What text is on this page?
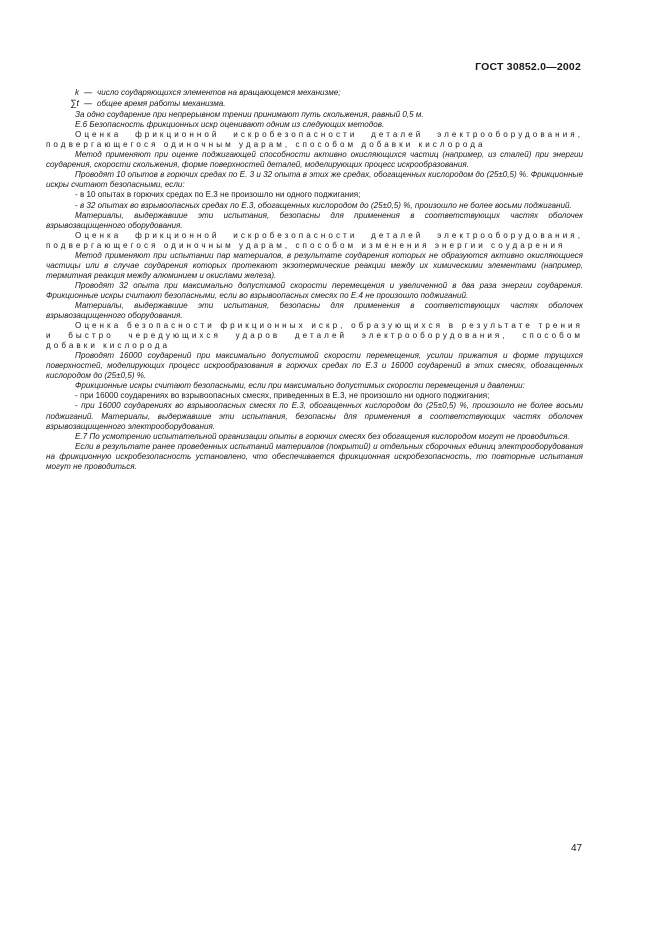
ГОСТ 30852.0—2002
k — число соударяющихся элементов на вращающемся механизме;
∑t — общее время работы механизма.

За одно соударение при непрерывном трении принимают путь скольжения, равный 0,5 м.

Е.6 Безопасность фрикционных искр оценивают одним из следующих методов.

Оценка фрикционной искробезопасности деталей электрооборудования, подвергающегося одиночным ударам, способом добавки кислорода

Метод применяют при оценке поджигающей способности активно окисляющихся частиц (например, из сталей) при энергии соударения, скорости скольжения, форме поверхностей деталей, моделирующих процесс искрообразования.

Проводят 10 опытов в горючих средах по Е. 3 и 32 опыта в этих же средах, обогащенных кислородом до (25±0,5) %. Фрикционные искры считают безопасными, если:

- в 10 опытах в горючих средах по Е.3 не произошло ни одного поджигания;

- в 32 опытах во взрывоопасных средах по Е.3, обогащенных кислородом до (25±0,5) %, произошло не более восьми поджиганий.

Материалы, выдержавшие эти испытания, безопасны для применения в соответствующих частях оболочек взрывозащищенного оборудования.

Оценка фрикционной искробезопасности деталей электрооборудования, подвергающегося одиночным ударам, способом изменения энергии соударения

Метод применяют при испытании пар материалов, в результате соударения которых не образуются активно окисляющиеся частицы или в случае соударения которых протекают экзотермические реакции между их химическими элементами (например, термитная реакция между алюминием и окислами железа).

Проводят 32 опыта при максимально допустимой скорости перемещения и увеличенной в два раза энергии соударения. Фрикционные искры считают безопасными, если во взрывоопасных смесях по Е.4 не произошло поджиганий.

Материалы, выдержавшие эти испытания, безопасны для применения в соответствующих частях оболочек взрывозащищенного оборудования.

Оценка безопасности фрикционных искр, образующихся в результате трения и быстро чередующихся ударов деталей электрооборудования, способом добавки кислорода

Проводят 16000 соударений при максимально допустимой скорости перемещения, усилии прижатия и форме трущихся поверхностей, моделирующих процесс искрообразования в горючих средах по Е.3 и 16000 соударений в этих смесях, обогащенных кислородом до (25±0,5) %.

Фрикционные искры считают безопасными, если при максимально допустимых скорости перемещения и давлении:

- при 16000 соударениях во взрывоопасных смесях, приведенных в Е.3, не произошло ни одного поджигания;

- при 16000 соударениях во взрывоопасных смесях по Е.3, обогащенных кислородом до (25±0,5) %, произошло не более восьми поджиганий. Материалы, выдержавшие эти испытания, безопасны для применения в соответствующих частях оболочек взрывозащищенного электрооборудования.

Е.7 По усмотрению испытательной организации опыты в горючих смесях без обогащения кислородом могут не проводиться.

Если в результате ранее проведенных испытаний материалов (покрытий) и отдельных сборочных единиц электрооборудования на фрикционную искробезопасность установлено, что обеспечивается фрикционная искробезопасность, то повторные испытания могут не проводиться.

47
